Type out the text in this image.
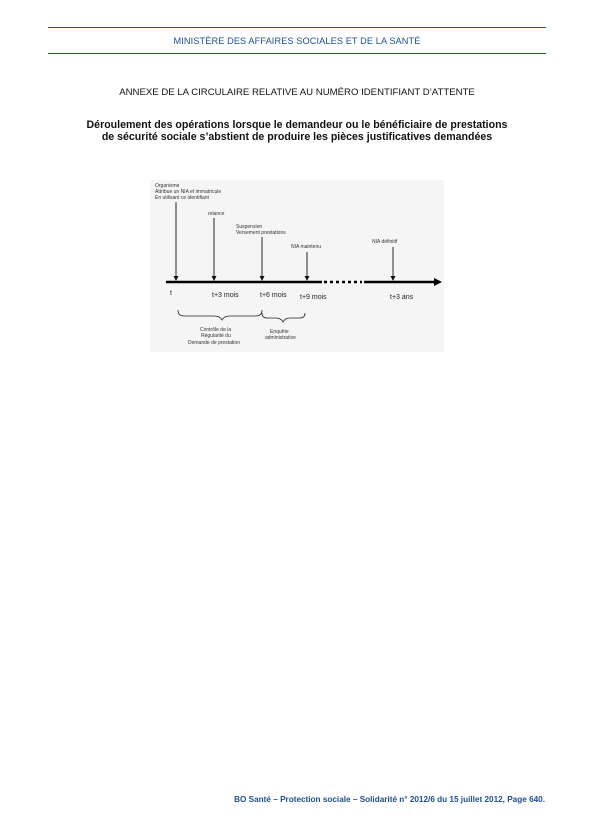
MINISTÈRE DES AFFAIRES SOCIALES ET DE LA SANTÉ
ANNEXE DE LA CIRCULAIRE RELATIVE AU NUMÉRO IDENTIFIANT D’ATTENTE
Déroulement des opérations lorsque le demandeur ou le bénéficiaire de prestations
de sécurité sociale s’abstient de produire les pièces justificatives demandées
Organisme
Attribue un NIA et immatricule
En utilisant ce identifiant
relance
Suspension
Versement prestations
NIA maintenu
NIA définitif
t	t+3 mois	t+6 mois t+9 mois	t+3 ans
Contrôle de la
Régularité du
Demande de prestation
Enquête
administrative
BO Santé – Protection sociale – Solidarité n° 2012/6 du 15 juillet 2012, Page 640.
